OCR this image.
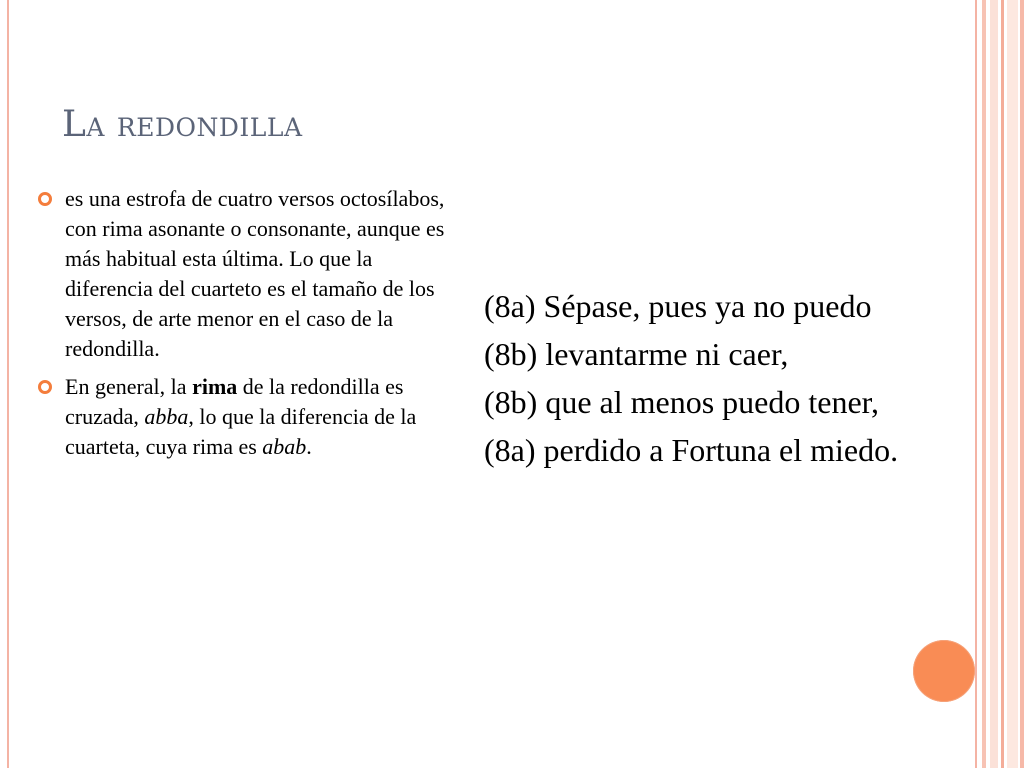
La redondilla
es una estrofa de cuatro versos octosílabos, con rima asonante o consonante, aunque es más habitual esta última. Lo que la diferencia del cuarteto es el tamaño de los versos, de arte menor en el caso de la redondilla.
En general, la rima de la redondilla es cruzada, abba, lo que la diferencia de la cuarteta, cuya rima es abab.
(8a) Sépase, pues ya no puedo
(8b) levantarme ni caer,
(8b) que al menos puedo tener,
(8a) perdido a Fortuna el miedo.
